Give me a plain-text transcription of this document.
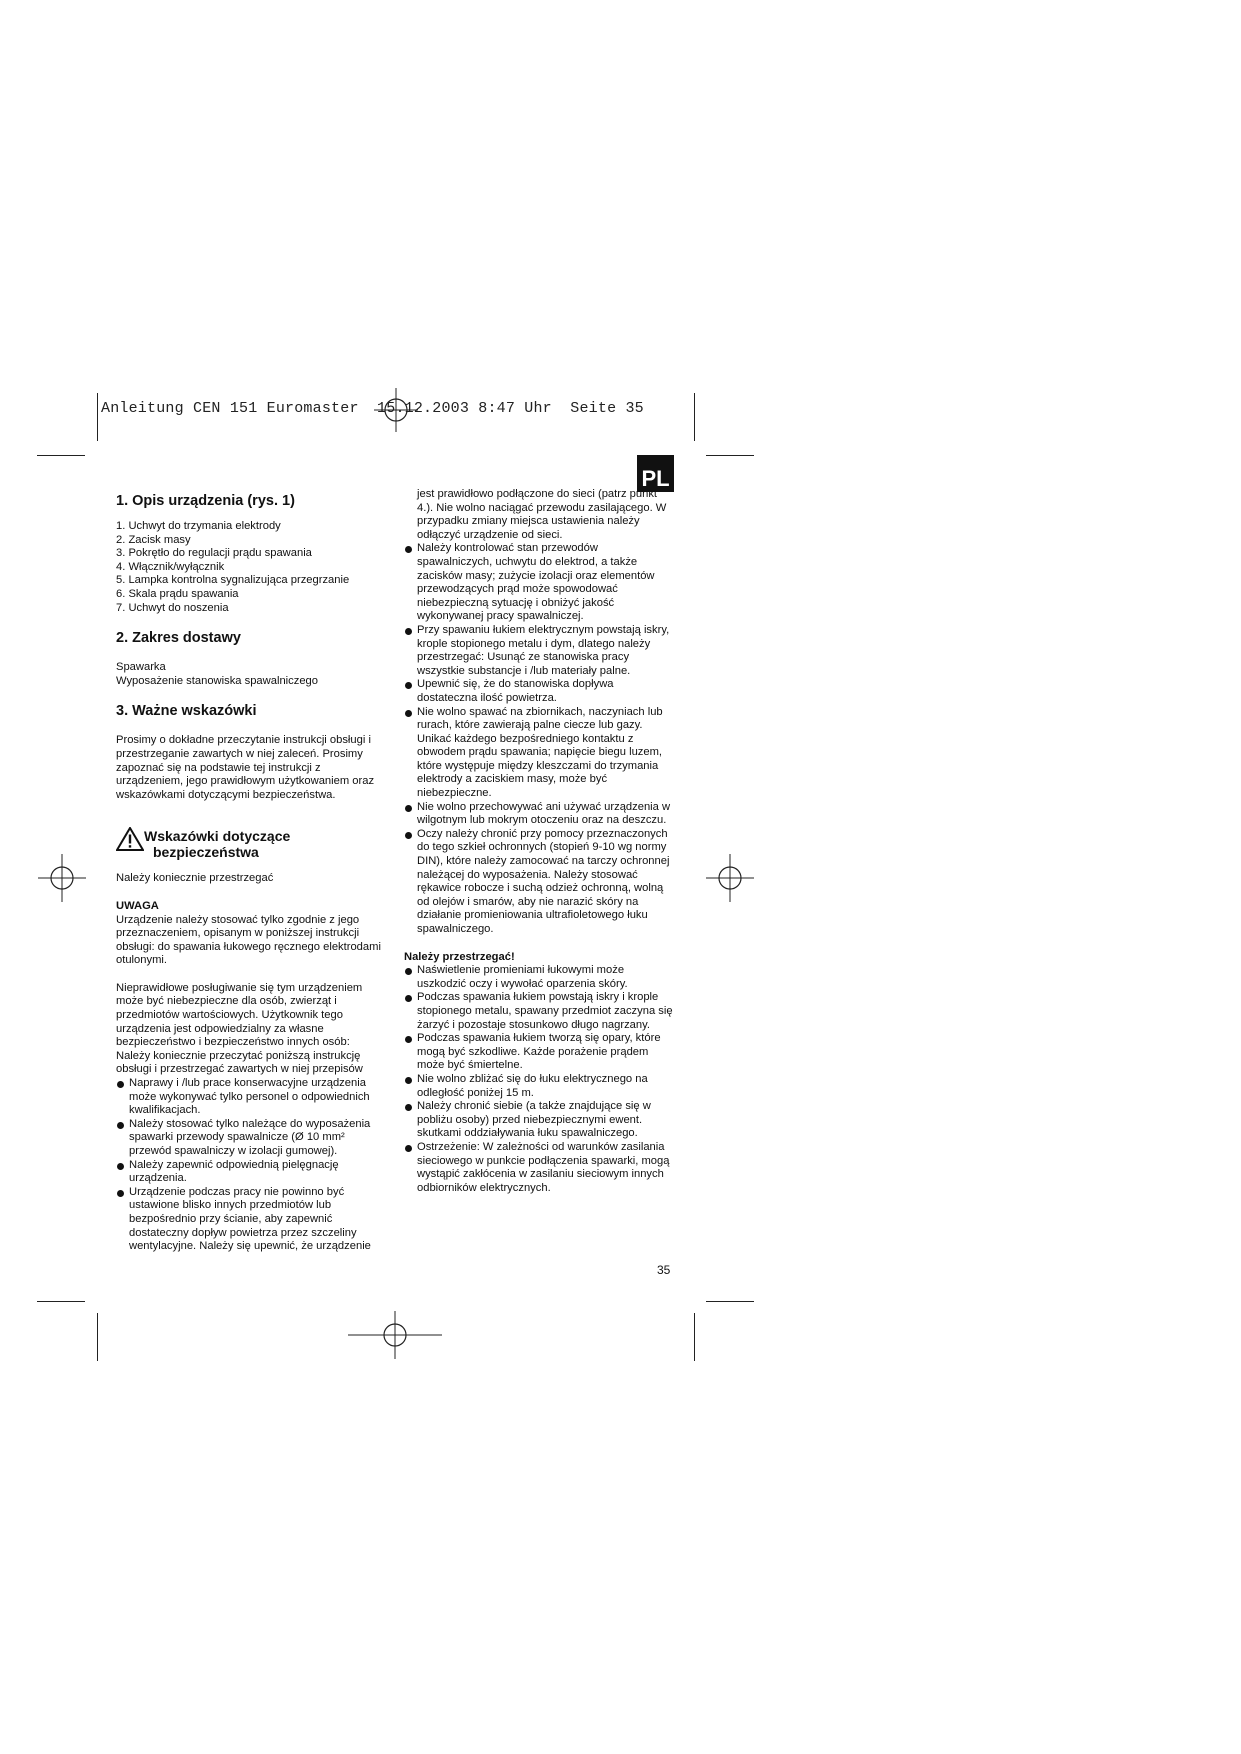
Anleitung CEN 151 Euromaster  15.12.2003 8:47 Uhr  Seite 35
PL
1. Opis urządzenia (rys. 1)
1. Uchwyt do trzymania elektrody
2. Zacisk masy
3. Pokrętło do regulacji prądu spawania
4. Włącznik/wyłącznik
5. Lampka kontrolna sygnalizująca przegrzanie
6. Skala prądu spawania
7. Uchwyt do noszenia
2. Zakres dostawy
Spawarka
Wyposażenie stanowiska spawalniczego
3. Ważne wskazówki

Prosimy o dokładne przeczytanie instrukcji obsługi i przestrzeganie zawartych w niej zaleceń. Prosimy zapoznać się na podstawie tej instrukcji z urządzeniem, jego prawidłowym użytkowaniem oraz wskazówkami dotyczącymi bezpieczeństwa.

Wskazówki dotyczące
bezpieczeństwa

Należy koniecznie przestrzegać

UWAGA

Urządzenie należy stosować tylko zgodnie z jego przeznaczeniem, opisanym w poniższej instrukcji obsługi: do spawania łukowego ręcznego elektrodami otulonymi.

Nieprawidłowe posługiwanie się tym urządzeniem może być niebezpieczne dla osób, zwierząt i przedmiotów wartościowych. Użytkownik tego urządzenia jest odpowiedzialny za własne bezpieczeństwo i bezpieczeństwo innych osób: Należy koniecznie przeczytać poniższą instrukcję obsługi i przestrzegać zawartych w niej przepisów

Naprawy i /lub prace konserwacyjne urządzenia może wykonywać tylko personel o odpowiednich kwalifikacjach.
Należy stosować tylko należące do wyposażenia spawarki przewody spawalnicze (Ø 10 mm² przewód spawalniczy w izolacji gumowej).
Należy zapewnić odpowiednią pielęgnację urządzenia.
Urządzenie podczas pracy nie powinno być ustawione blisko innych przedmiotów lub bezpośrednio przy ścianie, aby zapewnić dostateczny dopływ powietrza przez szczeliny wentylacyjne. Należy się upewnić, że urządzenie

jest prawidłowo podłączone do sieci (patrz punkt 4.). Nie wolno naciągać przewodu zasilającego. W przypadku zmiany miejsca ustawienia należy odłączyć urządzenie od sieci.

Należy kontrolować stan przewodów spawalniczych, uchwytu do elektrod, a także zacisków masy; zużycie izolacji oraz elementów przewodzących prąd może spowodować niebezpieczną sytuację i obniżyć jakość wykonywanej pracy spawalniczej.
Przy spawaniu łukiem elektrycznym powstają iskry, krople stopionego metalu i dym, dlatego należy przestrzegać: Usunąć ze stanowiska pracy wszystkie substancje i /lub materiały palne.
Upewnić się, że do stanowiska dopływa dostateczna ilość powietrza.
Nie wolno spawać na zbiornikach, naczyniach lub rurach, które zawierają palne ciecze lub gazy. Unikać każdego bezpośredniego kontaktu z obwodem prądu spawania; napięcie biegu luzem, które występuje między kleszczami do trzymania elektrody a zaciskiem masy, może być niebezpieczne.
Nie wolno przechowywać ani używać urządzenia w wilgotnym lub mokrym otoczeniu oraz na deszczu.
Oczy należy chronić przy pomocy przeznaczonych do tego szkieł ochronnych (stopień 9-10 wg normy DIN), które należy zamocować na tarczy ochronnej należącej do wyposażenia. Należy stosować rękawice robocze i suchą odzież ochronną, wolną od olejów i smarów, aby nie narazić skóry na działanie promieniowania ultrafioletowego łuku spawalniczego.

Należy przestrzegać!

Naświetlenie promieniami łukowymi może uszkodzić oczy i wywołać oparzenia skóry.
Podczas spawania łukiem powstają iskry i krople stopionego metalu, spawany przedmiot zaczyna się żarzyć i pozostaje stosunkowo długo nagrzany.
Podczas spawania łukiem tworzą się opary, które mogą być szkodliwe. Każde porażenie prądem może być śmiertelne.
Nie wolno zbliżać się do łuku elektrycznego na odległość poniżej 15 m.
Należy chronić siebie (a także znajdujące się w pobliżu osoby) przed niebezpiecznymi ewent. skutkami oddziaływania łuku spawalniczego.
Ostrzeżenie: W zależności od warunków zasilania sieciowego w punkcie podłączenia spawarki, mogą wystąpić zakłócenia w zasilaniu sieciowym innych odbiorników elektrycznych.
35
